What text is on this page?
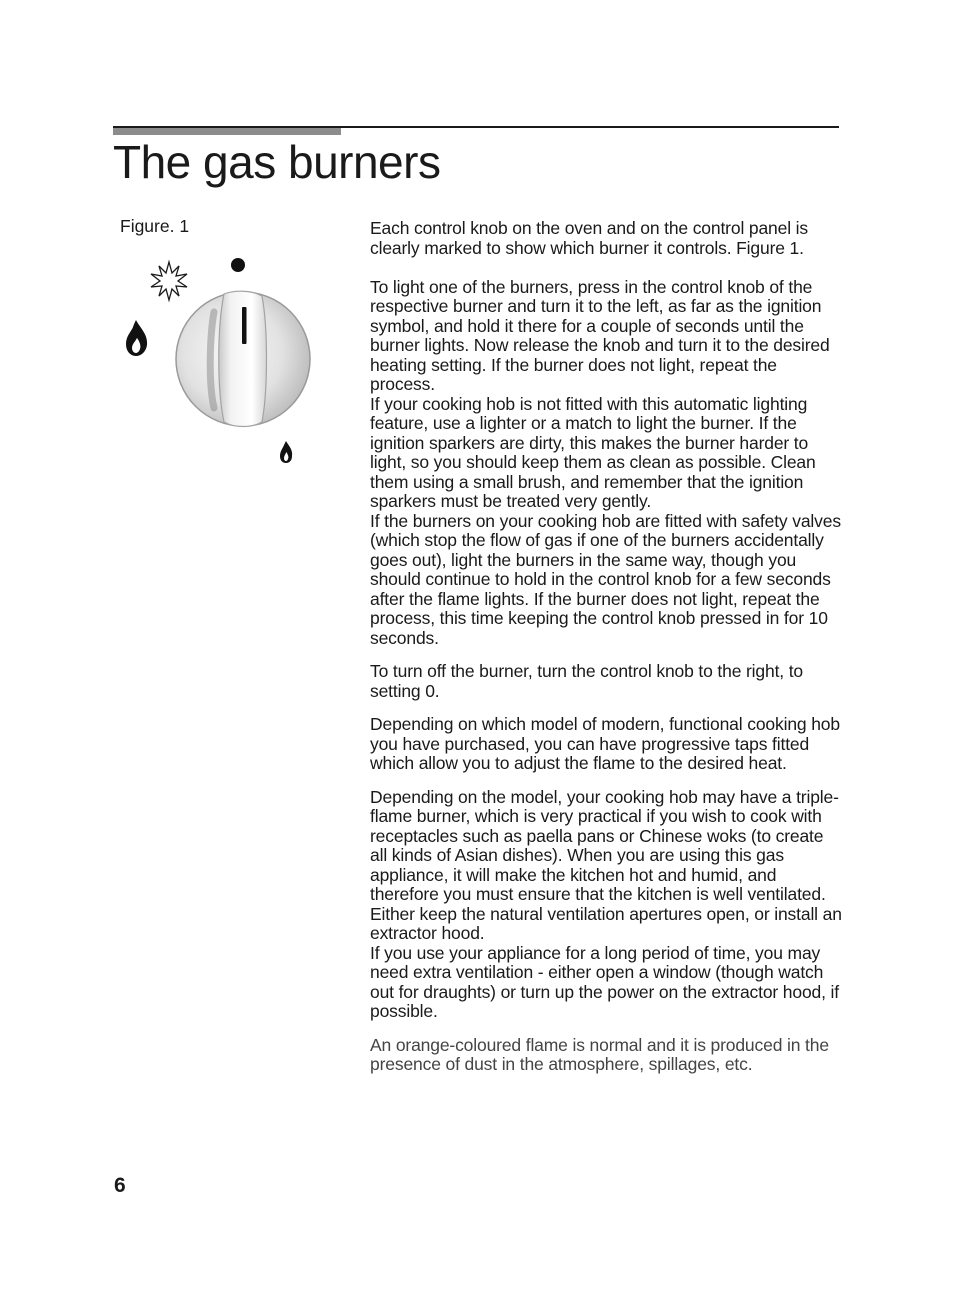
The gas burners
Figure. 1	Each control knob on the oven and on the control panel is clearly marked to show which burner it controls. Figure 1.

To light one of the burners, press in the control knob of the respective burner and turn it to the left, as far as the ignition symbol, and hold it there for a couple of seconds until the burner lights. Now release the knob and turn it to the desired heating setting. If the burner does not light, repeat the process.

If your cooking hob is not fitted with this automatic lighting feature, use a lighter or a match to light the burner. If the ignition sparkers are dirty, this makes the burner harder to light, so you should keep them as clean as possible. Clean them using a small brush, and remember that the ignition sparkers must be treated very gently.

If the burners on your cooking hob are fitted with safety valves (which stop the flow of gas if one of the burners accidentally goes out), light the burners in the same way, though you should continue to hold in the control knob for a few seconds after the flame lights. If the burner does not light, repeat the process, this time keeping the control knob pressed in for 10 seconds.

To turn off the burner, turn the control knob to the right, to setting 0.

Depending on which model of modern, functional cooking hob you have purchased, you can have progressive taps fitted which allow you to adjust the flame to the desired heat.

Depending on the model, your cooking hob may have a triple-flame burner, which is very practical if you wish to cook with receptacles such as paella pans or Chinese woks (to create all kinds of Asian dishes). When you are using this gas appliance, it will make the kitchen hot and humid, and therefore you must ensure that the kitchen is well ventilated. Either keep the natural ventilation apertures open, or install an extractor hood.

If you use your appliance for a long period of time, you may need extra ventilation - either open a window (though watch out for draughts) or turn up the power on the extractor hood, if possible.

An orange-coloured flame is normal and it is produced in the presence of dust in the atmosphere, spillages, etc.

6
